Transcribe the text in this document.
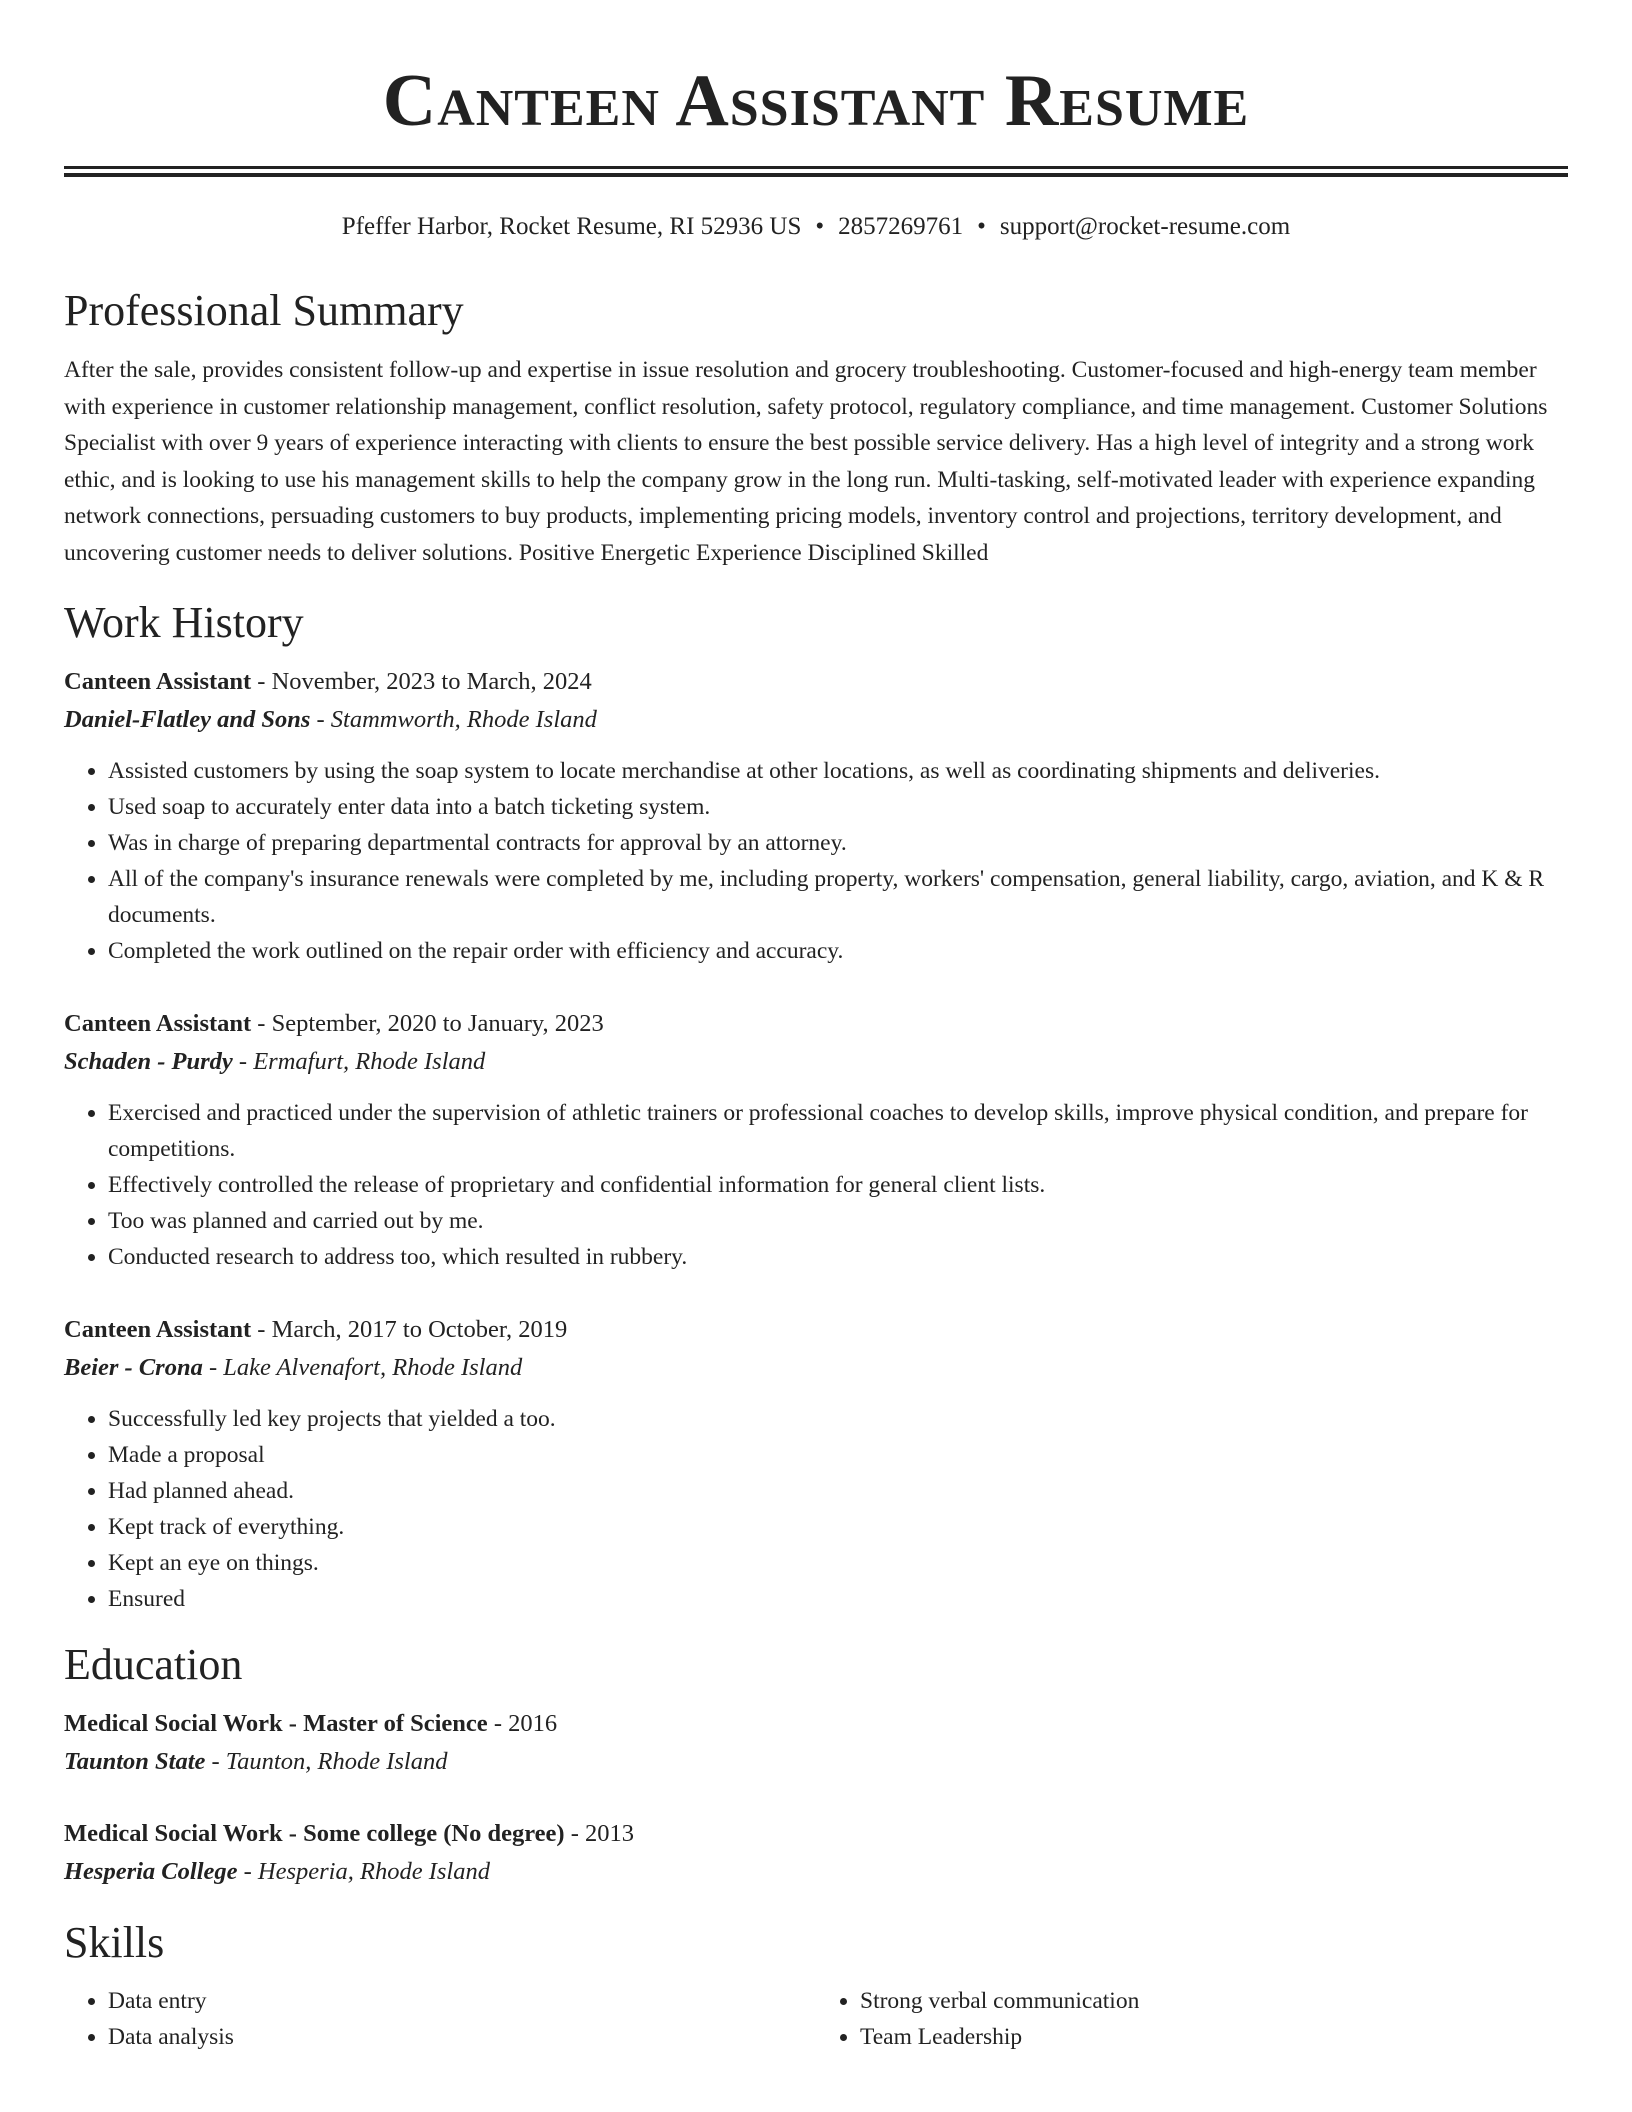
Canteen Assistant Resume
Pfeffer Harbor, Rocket Resume, RI 52936 US • 2857269761 • support@rocket-resume.com
Professional Summary
After the sale, provides consistent follow-up and expertise in issue resolution and grocery troubleshooting. Customer-focused and high-energy team member with experience in customer relationship management, conflict resolution, safety protocol, regulatory compliance, and time management. Customer Solutions Specialist with over 9 years of experience interacting with clients to ensure the best possible service delivery. Has a high level of integrity and a strong work ethic, and is looking to use his management skills to help the company grow in the long run. Multi-tasking, self-motivated leader with experience expanding network connections, persuading customers to buy products, implementing pricing models, inventory control and projections, territory development, and uncovering customer needs to deliver solutions. Positive Energetic Experience Disciplined Skilled
Work History
Canteen Assistant - November, 2023 to March, 2024
Daniel-Flatley and Sons - Stammworth, Rhode Island
• Assisted customers by using the soap system to locate merchandise at other locations, as well as coordinating shipments and deliveries.
• Used soap to accurately enter data into a batch ticketing system.
• Was in charge of preparing departmental contracts for approval by an attorney.
• All of the company's insurance renewals were completed by me, including property, workers' compensation, general liability, cargo, aviation, and K & R documents.
• Completed the work outlined on the repair order with efficiency and accuracy.
Canteen Assistant - September, 2020 to January, 2023
Schaden - Purdy - Ermafurt, Rhode Island
• Exercised and practiced under the supervision of athletic trainers or professional coaches to develop skills, improve physical condition, and prepare for competitions.
• Effectively controlled the release of proprietary and confidential information for general client lists.
• Too was planned and carried out by me.
• Conducted research to address too, which resulted in rubbery.
Canteen Assistant - March, 2017 to October, 2019
Beier - Crona - Lake Alvenafort, Rhode Island
• Successfully led key projects that yielded a too.
• Made a proposal
• Had planned ahead.
• Kept track of everything.
• Kept an eye on things.
• Ensured
Education
Medical Social Work - Master of Science - 2016
Taunton State - Taunton, Rhode Island
Medical Social Work - Some college (No degree) - 2013
Hesperia College - Hesperia, Rhode Island
Skills
• Data entry
• Data analysis
• Strong verbal communication
• Team Leadership
